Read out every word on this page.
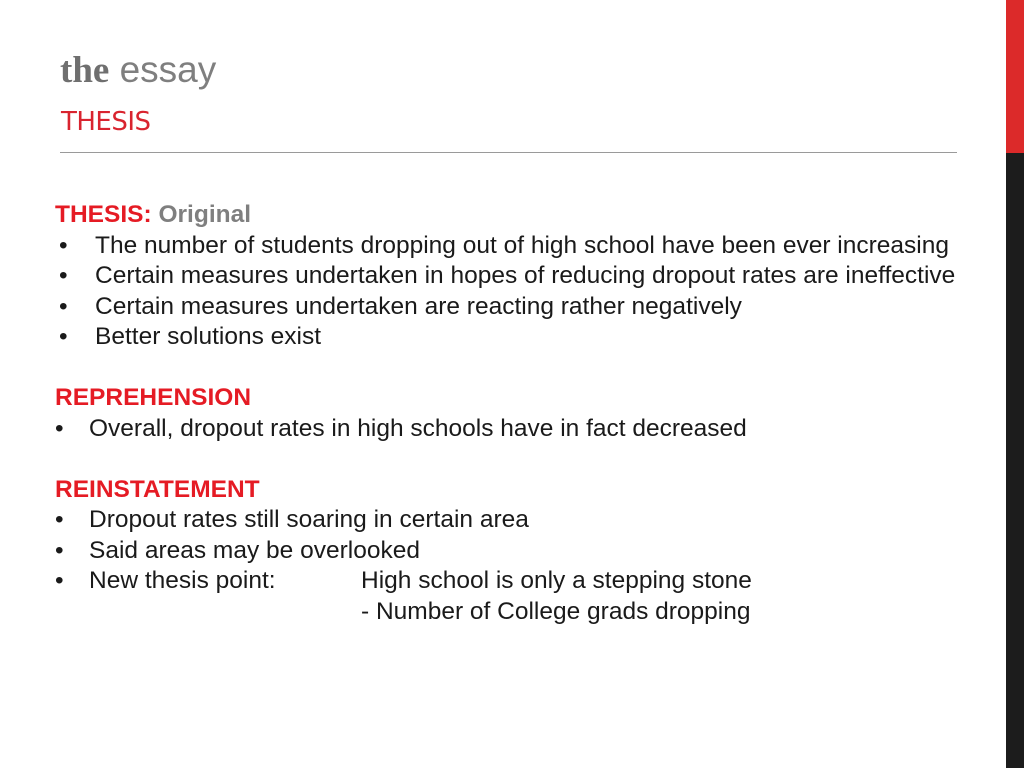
the essay
THESIS
THESIS: Original
• The number of students dropping out of high school have been ever increasing
• Certain measures undertaken in hopes of reducing dropout rates are ineffective
• Certain measures undertaken are reacting rather negatively
• Better solutions exist
REPREHENSION
• Overall, dropout rates in high schools have in fact decreased
REINSTATEMENT
• Dropout rates still soaring in certain area
• Said areas may be overlooked
• New thesis point:	High school is only a stepping stone
- Number of College grads dropping
